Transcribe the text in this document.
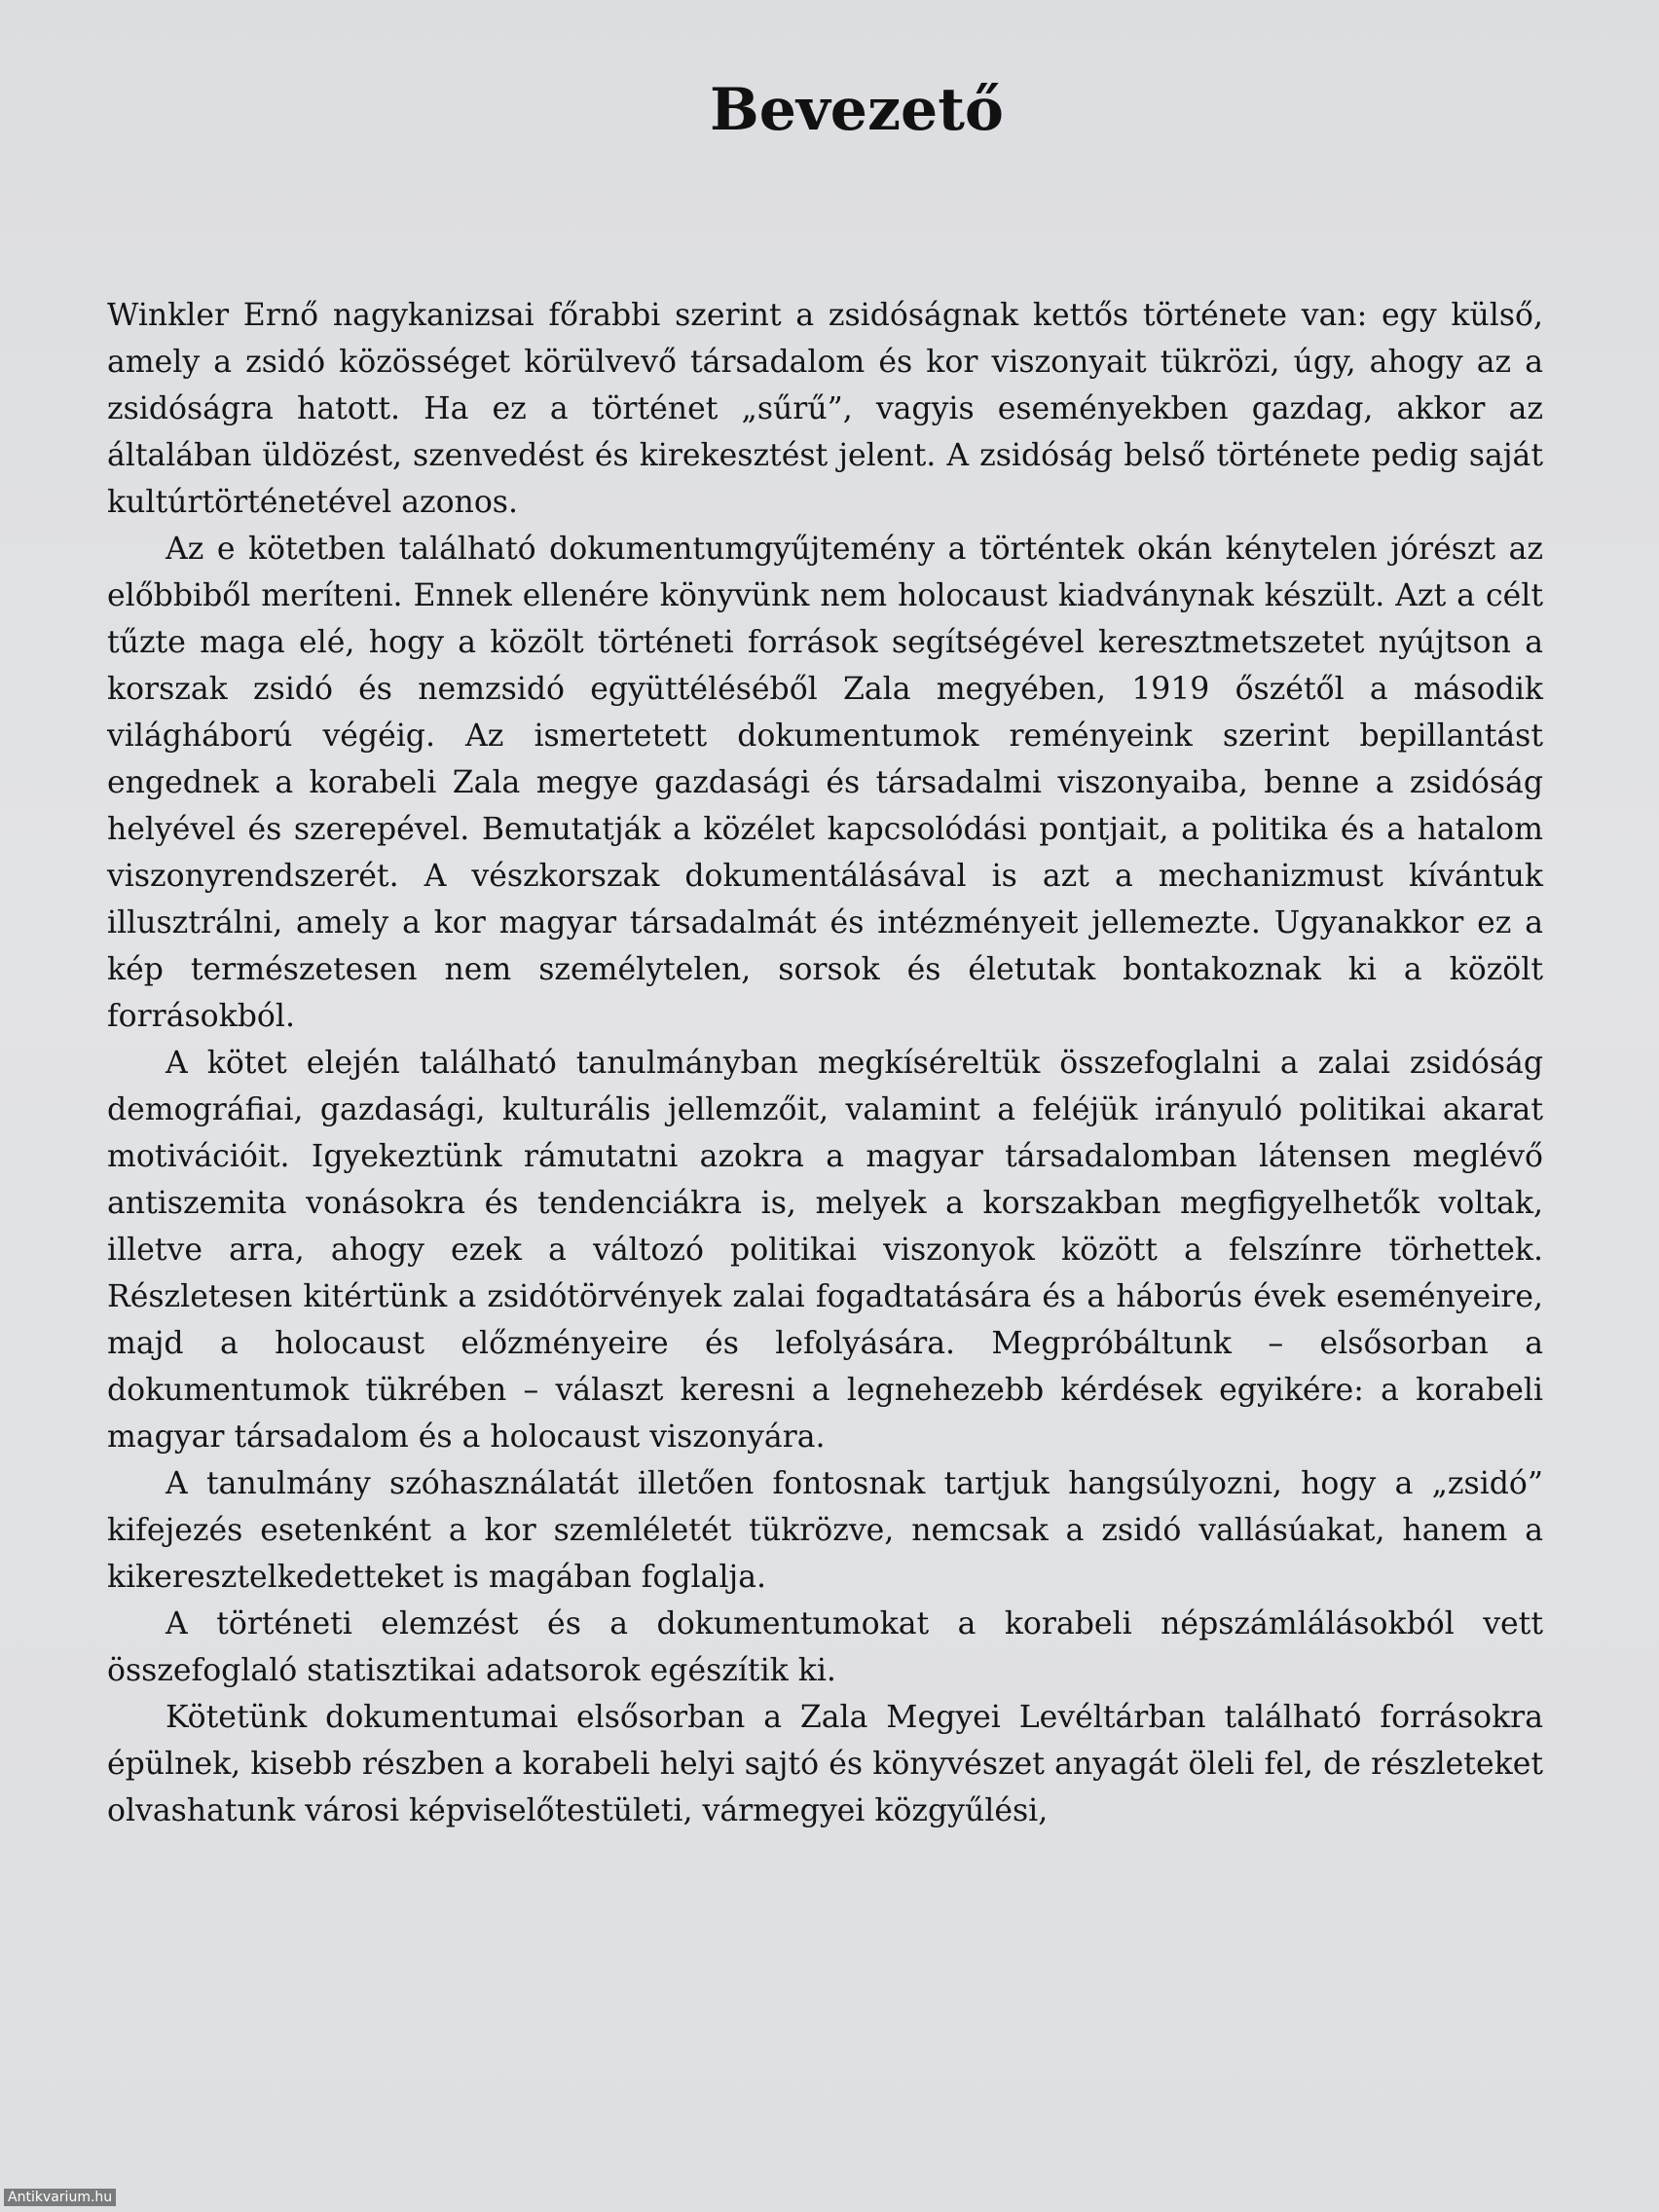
Bevezető

Winkler Ernő nagykanizsai főrabbi szerint a zsidóságnak kettős története van: egy külső, amely a zsidó közösséget körülvevő társadalom és kor viszonyait tükrözi, úgy, ahogy az a zsidóságra hatott. Ha ez a történet „sűrű”, vagyis eseményekben gazdag, akkor az általában üldözést, szenvedést és kirekesztést jelent. A zsidóság belső története pedig saját kultúrtörténetével azonos.

Az e kötetben található dokumentumgyűjtemény a történtek okán kénytelen jórészt az előbbiből meríteni. Ennek ellenére könyvünk nem holocaust kiadványnak készült. Azt a célt tűzte maga elé, hogy a közölt történeti források segítségével keresztmetszetet nyújtson a korszak zsidó és nemzsidó együttéléséből Zala megyében, 1919 őszétől a második világháború végéig. Az ismertetett dokumentumok reményeink szerint bepillantást engednek a korabeli Zala megye gazdasági és társadalmi viszonyaiba, benne a zsidóság helyével és szerepével. Bemutatják a közélet kapcsolódási pontjait, a politika és a hatalom viszonyrendszerét. A vészkorszak dokumentálásával is azt a mechanizmust kívántuk illusztrálni, amely a kor magyar társadalmát és intézményeit jellemezte. Ugyanakkor ez a kép természetesen nem személytelen, sorsok és életutak bontakoznak ki a közölt forrásokból.

A kötet elején található tanulmányban megkíséreltük összefoglalni a zalai zsidóság demográfiai, gazdasági, kulturális jellemzőit, valamint a feléjük irányuló politikai akarat motivációit. Igyekeztünk rámutatni azokra a magyar társadalomban látensen meglévő antiszemita vonásokra és tendenciákra is, melyek a korszakban megfigyelhetők voltak, illetve arra, ahogy ezek a változó politikai viszonyok között a felszínre törhettek. Részletesen kitértünk a zsidótörvények zalai fogadtatására és a háborús évek eseményeire, majd a holocaust előzményeire és lefolyására. Megpróbáltunk – elsősorban a dokumentumok tükrében – választ keresni a legnehezebb kérdések egyikére: a korabeli magyar társadalom és a holocaust viszonyára.

A tanulmány szóhasználatát illetően fontosnak tartjuk hangsúlyozni, hogy a „zsidó” kifejezés esetenként a kor szemléletét tükrözve, nemcsak a zsidó vallásúakat, hanem a kikeresztelkedetteket is magában foglalja.

A történeti elemzést és a dokumentumokat a korabeli népszámlálásokból vett összefoglaló statisztikai adatsorok egészítik ki.

Kötetünk dokumentumai elsősorban a Zala Megyei Levéltárban található forrásokra épülnek, kisebb részben a korabeli helyi sajtó és könyvészet anyagát öleli fel, de részleteket olvashatunk városi képviselőtestületi, vármegyei közgyűlési,

Antikvarium.hu
